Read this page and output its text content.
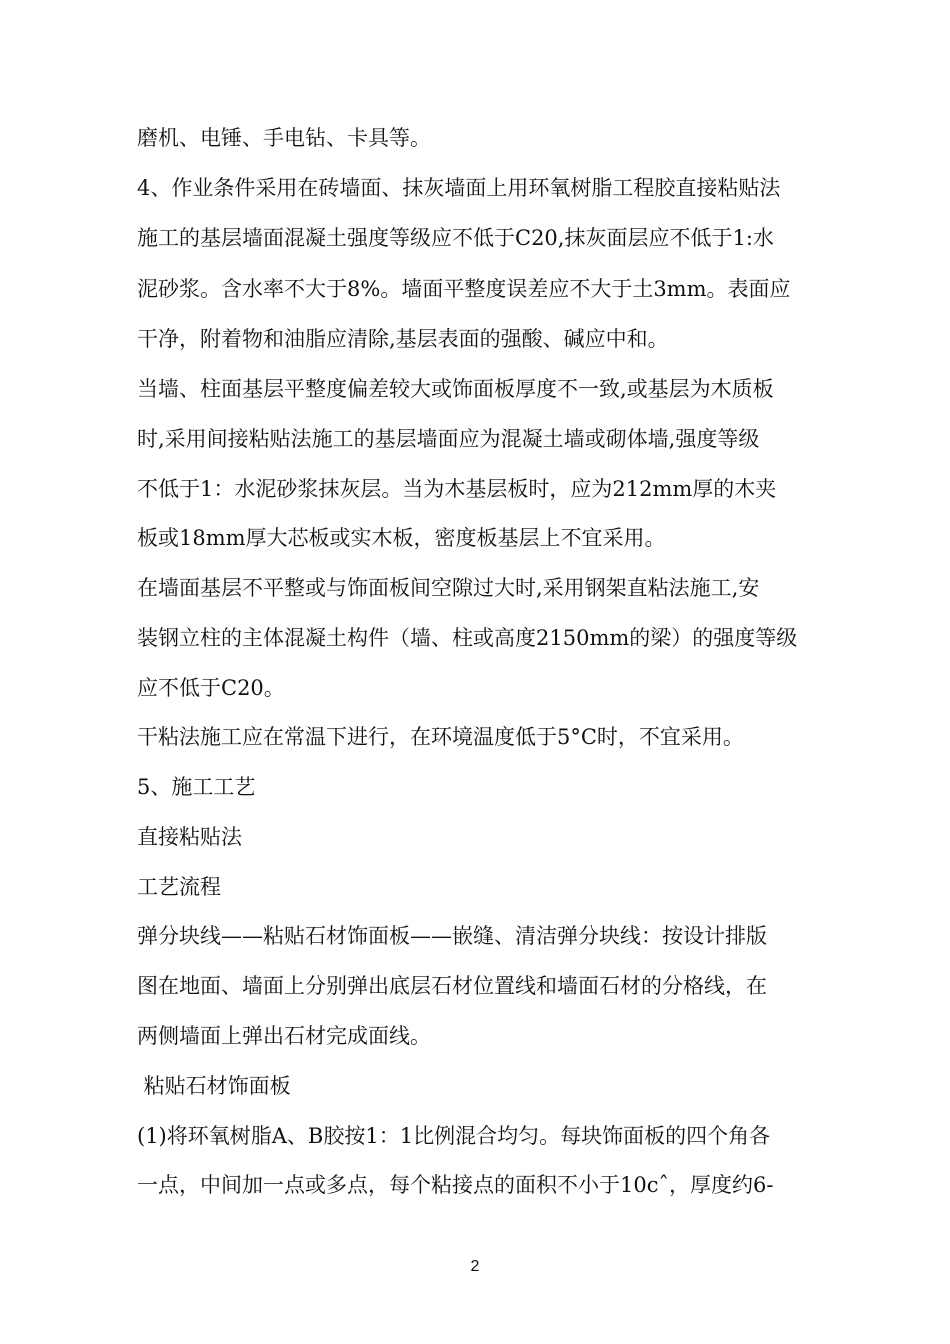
磨机、电锤、手电钻、卡具等。
4、作业条件采用在砖墙面、抹灰墙面上用环氧树脂工程胶直接粘贴法
施工的基层墙面混凝土强度等级应不低于C20,抹灰面层应不低于1:水
泥砂浆。含水率不大于8%。墙面平整度误差应不大于土3mm。表面应
干净，附着物和油脂应清除,基层表面的强酸、碱应中和。
当墙、柱面基层平整度偏差较大或饰面板厚度不一致,或基层为木质板
时,采用间接粘贴法施工的基层墙面应为混凝土墙或砌体墙,强度等级
不低于1：水泥砂浆抹灰层。当为木基层板时，应为212mm厚的木夹
板或18mm厚大芯板或实木板，密度板基层上不宜采用。
在墙面基层不平整或与饰面板间空隙过大时,采用钢架直粘法施工,安
装钢立柱的主体混凝土构件（墙、柱或高度2150mm的梁）的强度等级
应不低于C20。
干粘法施工应在常温下进行，在环境温度低于5°C时，不宜采用。
5、施工工艺
直接粘贴法
工艺流程
弹分块线——粘贴石材饰面板——嵌缝、清洁弹分块线：按设计排版
图在地面、墙面上分别弹出底层石材位置线和墙面石材的分格线，在
两侧墙面上弹出石材完成面线。
粘贴石材饰面板
(1)将环氧树脂A、B胶按1：1比例混合均匀。每块饰面板的四个角各
一点，中间加一点或多点，每个粘接点的面积不小于10cˆ，厚度约6-
2
